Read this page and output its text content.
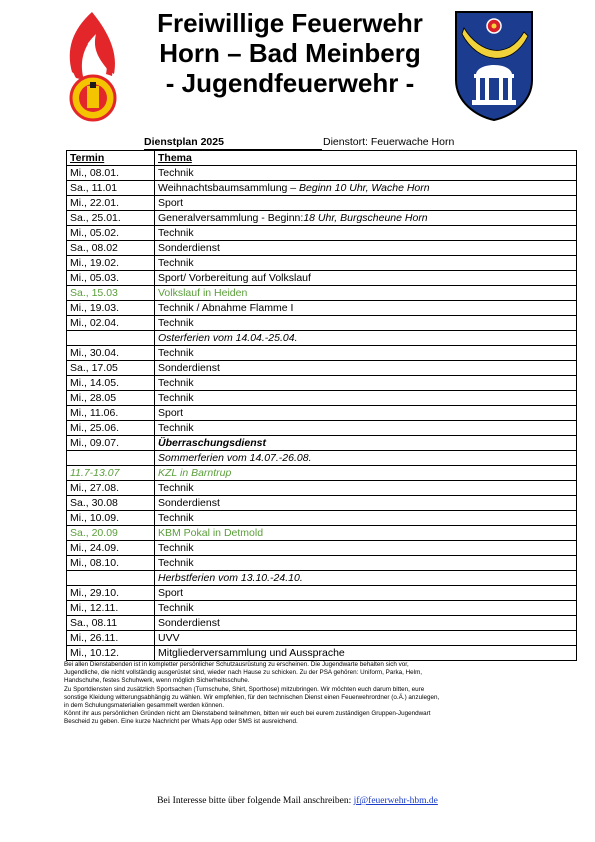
Freiwillige Feuerwehr
Horn – Bad Meinberg
- Jugendfeuerwehr -
Dienstplan 2025	Dienstort: Feuerwache Horn
Termin	Thema
Mi., 08.01.	Technik
Sa., 11.01	Weihnachtsbaumsammlung – Beginn 10 Uhr, Wache Horn
Mi., 22.01.	Sport
Sa., 25.01.	Generalversammlung - Beginn:18 Uhr, Burgscheune Horn
Mi., 05.02.	Technik
Sa., 08.02	Sonderdienst
Mi., 19.02.	Technik
Mi., 05.03.	Sport/ Vorbereitung auf Volkslauf
Sa., 15.03	Volkslauf in Heiden
Mi., 19.03.	Technik / Abnahme Flamme I
Mi., 02.04.	Technik
	Osterferien vom 14.04.-25.04.
Mi., 30.04.	Technik
Sa., 17.05	Sonderdienst
Mi., 14.05.	Technik
Mi., 28.05	Technik
Mi., 11.06.	Sport
Mi., 25.06.	Technik
Mi., 09.07.	Überraschungsdienst
	Sommerferien vom 14.07.-26.08.
11.7-13.07	KZL in Barntrup
Mi., 27.08.	Technik
Sa., 30.08	Sonderdienst
Mi., 10.09.	Technik
Sa., 20.09	KBM Pokal in Detmold
Mi., 24.09.	Technik
Mi., 08.10.	Technik
	Herbstferien vom 13.10.-24.10.
Mi., 29.10.	Sport
Mi., 12.11.	Technik
Sa., 08.11	Sonderdienst
Mi., 26.11.	UVV
Mi., 10.12.	Mitgliederversammlung und Aussprache
Bei allen Dienstabenden ist in kompletter persönlicher Schutzausrüstung zu erscheinen. Die Jugendwarte behalten sich vor,
Jugendliche, die nicht vollständig ausgerüstet sind, wieder nach Hause zu schicken. Zu der PSA gehören: Uniform, Parka, Helm,
Handschuhe, festes Schuhwerk, wenn möglich Sicherheitsschuhe.
Zu Sportdiensten sind zusätzlich Sportsachen (Turnschuhe, Shirt, Sporthose) mitzubringen. Wir möchten euch darum bitten, eure
sonstige Kleidung witterungsabhängig zu wählen. Wir empfehlen, für den technischen Dienst einen Feuerwehrordner (o.Ä.) anzulegen,
in dem Schulungsmaterialien gesammelt werden können.
Könnt ihr aus persönlichen Gründen nicht am Dienstabend teilnehmen, bitten wir euch bei eurem zuständigen Gruppen-Jugendwart
Bescheid zu geben. Eine kurze Nachricht per Whats App oder SMS ist ausreichend.
Bei Interesse bitte über folgende Mail anschreiben: jf@feuerwehr-hbm.de
